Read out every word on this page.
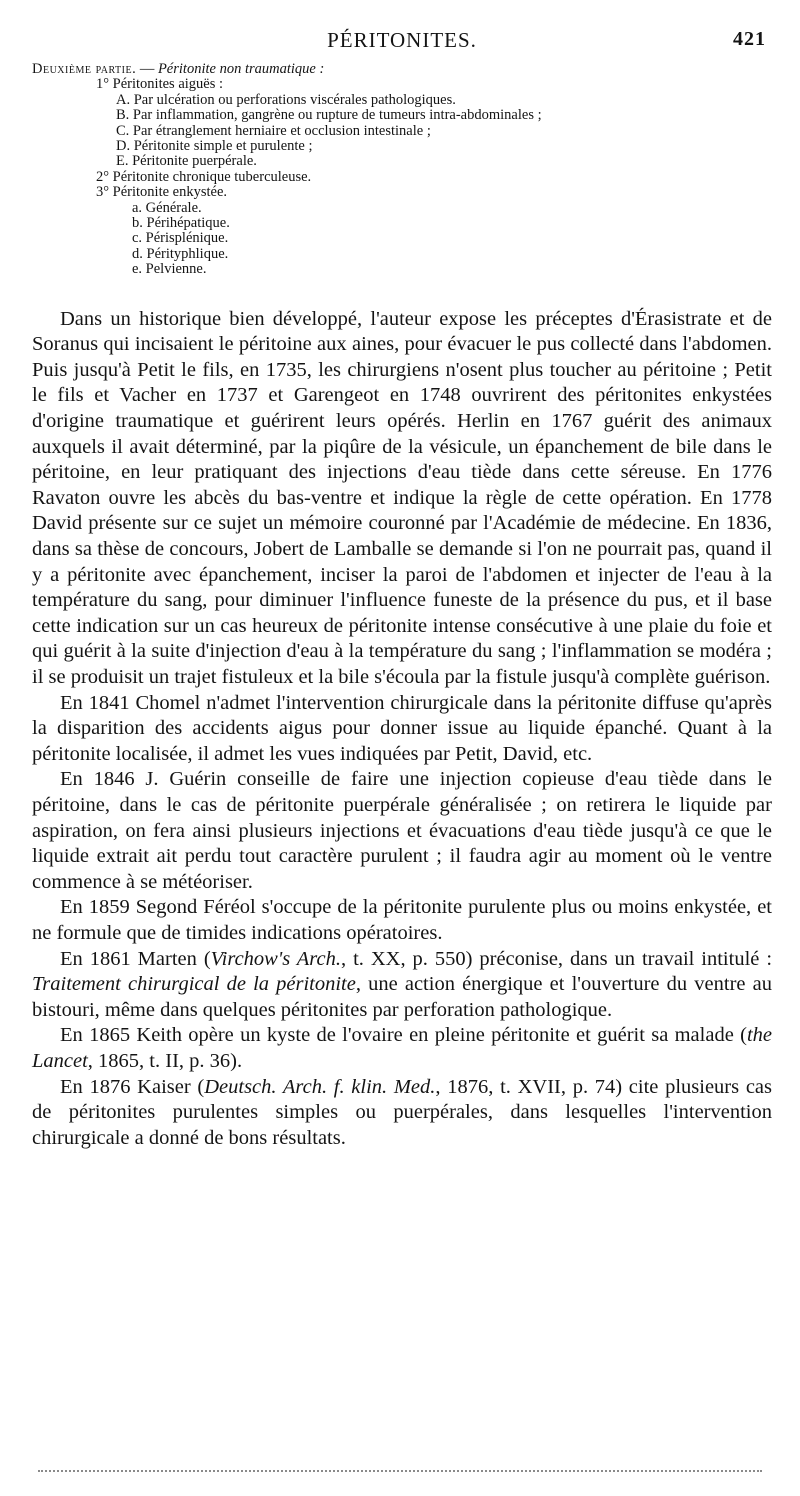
PÉRITONITES.	421
Deuxième partie. — Péritonite non traumatique :
1° Péritonites aiguës :
A. Par ulcération ou perforations viscérales pathologiques.
B. Par inflammation, gangrène ou rupture de tumeurs intra-abdominales ;
C. Par étranglement herniaire et occlusion intestinale ;
D. Péritonite simple et purulente ;
E. Péritonite puerpérale.
2° Péritonite chronique tuberculeuse.
3° Péritonite enkystée.
a. Générale.
b. Périhépatique.
c. Périsplénique.
d. Pérityphlique.
e. Pelvienne.

Dans un historique bien développé, l'auteur expose les préceptes d'Érasistrate et de Soranus qui incisaient le péritoine aux aines, pour évacuer le pus collecté dans l'abdomen. Puis jusqu'à Petit le fils, en 1735, les chirurgiens n'osent plus toucher au péritoine ; Petit le fils et Vacher en 1737 et Garengeot en 1748 ouvrirent des péritonites enkystées d'origine traumatique et guérirent leurs opérés. Herlin en 1767 guérit des animaux auxquels il avait déterminé, par la piqûre de la vésicule, un épanchement de bile dans le péritoine, en leur pratiquant des injections d'eau tiède dans cette séreuse. En 1776 Ravaton ouvre les abcès du bas-ventre et indique la règle de cette opération. En 1778 David présente sur ce sujet un mémoire couronné par l'Académie de médecine. En 1836, dans sa thèse de concours, Jobert de Lamballe se demande si l'on ne pourrait pas, quand il y a péritonite avec épanchement, inciser la paroi de l'abdomen et injecter de l'eau à la température du sang, pour diminuer l'influence funeste de la présence du pus, et il base cette indication sur un cas heureux de péritonite intense consécutive à une plaie du foie et qui guérit à la suite d'injection d'eau à la température du sang ; l'inflammation se modéra ; il se produisit un trajet fistuleux et la bile s'écoula par la fistule jusqu'à complète guérison.

En 1841 Chomel n'admet l'intervention chirurgicale dans la péritonite diffuse qu'après la disparition des accidents aigus pour donner issue au liquide épanché. Quant à la péritonite localisée, il admet les vues indiquées par Petit, David, etc.

En 1846 J. Guérin conseille de faire une injection copieuse d'eau tiède dans le péritoine, dans le cas de péritonite puerpérale généralisée ; on retirera le liquide par aspiration, on fera ainsi plusieurs injections et évacuations d'eau tiède jusqu'à ce que le liquide extrait ait perdu tout caractère purulent ; il faudra agir au moment où le ventre commence à se météoriser.

En 1859 Segond Féréol s'occupe de la péritonite purulente plus ou moins enkystée, et ne formule que de timides indications opératoires.

En 1861 Marten (Virchow's Arch., t. XX, p. 550) préconise, dans un travail intitulé : Traitement chirurgical de la péritonite, une action énergique et l'ouverture du ventre au bistouri, même dans quelques péritonites par perforation pathologique.

En 1865 Keith opère un kyste de l'ovaire en pleine péritonite et guérit sa malade (the Lancet, 1865, t. II, p. 36).

En 1876 Kaiser (Deutsch. Arch. f. klin. Med., 1876, t. XVII, p. 74) cite plusieurs cas de péritonites purulentes simples ou puerpérales, dans lesquelles l'intervention chirurgicale a donné de bons résultats.
